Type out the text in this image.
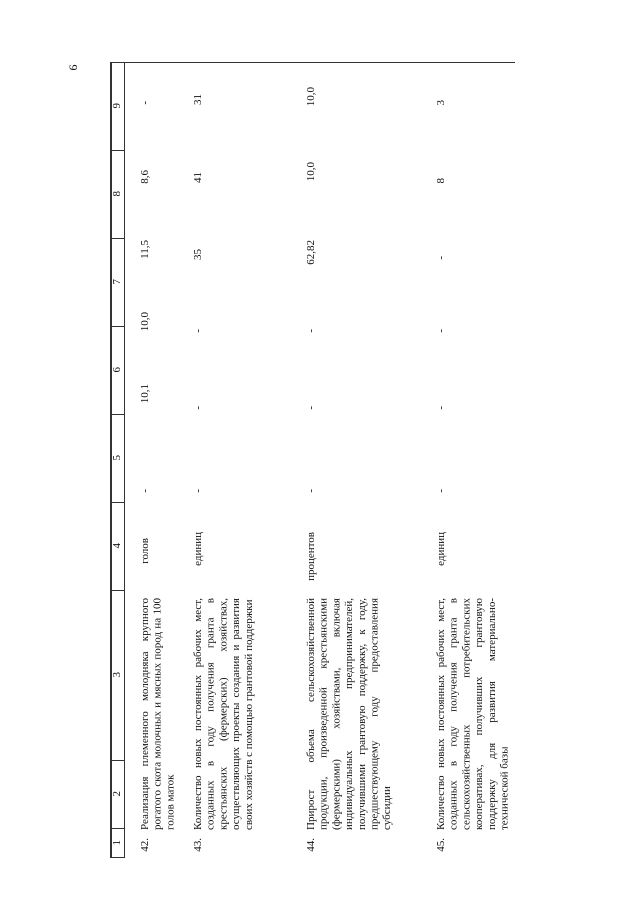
9
1
2
3
4
5
6
7
8
9
42.
Реализация племенного молодняка крупного рогатого скота молочных и мясных пород на 100 голов маток
голов
-
10,1
10,0
11,5
8,6
-
43.
Количество новых постоянных рабочих мест, созданных в году получения гранта в крестьянских (фермерских) хозяйствах, осуществляющих проекты создания и развития своих хозяйств с помощью грантовой поддержки
единиц
-
-
-
35
41
31
44.
Прирост объема сельскохозяйственной продукции, произведенной крестьянскими (фермерскими) хозяйствами, включая индивидуальных предпринимателей, получившими грантовую поддержку, к году, предшествующему году предоставления субсидии
процентов
-
-
-
62,82
10,0
10,0
45.
Количество новых постоянных рабочих мест, созданных в году получения гранта в сельскохозяйственных потребительских кооперативах, получивших грантовую поддержку для развития материально-технической базы
единиц
-
-
-
-
8
3
